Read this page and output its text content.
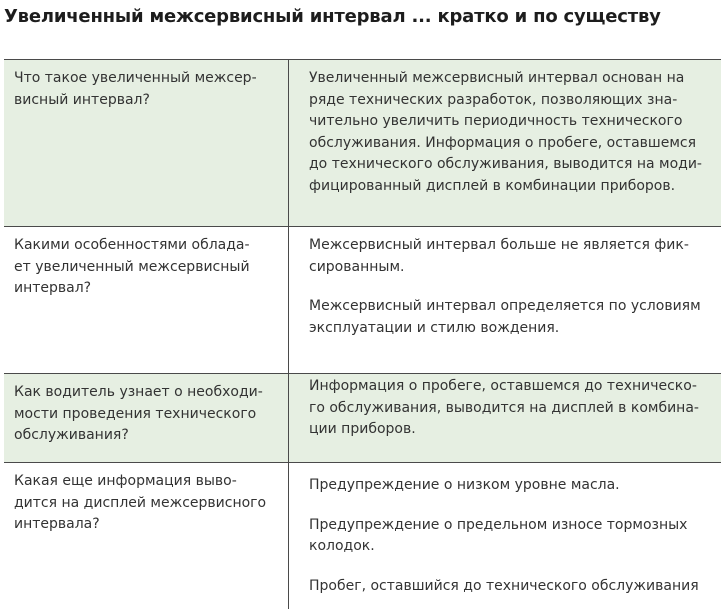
Увеличенный межсервисный интервал ... кратко и по существу
Что такое увеличенный межсер-
висный интервал?

Увеличенный межсервисный интервал основан на
ряде технических разработок, позволяющих зна-
чительно увеличить периодичность технического
обслуживания. Информация о пробеге, оставшемся
до технического обслуживания, выводится на моди-
фицированный дисплей в комбинации приборов.

Какими особенностями облада-
ет увеличенный межсервисный
интервал?

Межсервисный интервал больше не является фик-
сированным.

Межсервисный интервал определяется по условиям
эксплуатации и стилю вождения.

Как водитель узнает о необходи-
мости проведения технического
обслуживания?

Информация о пробеге, оставшемся до техническо-
го обслуживания, выводится на дисплей в комбина-
ции приборов.

Какая еще информация выво-
дится на дисплей межсервисного
интервала?

Предупреждение о низком уровне масла.

Предупреждение о предельном износе тормозных
колодок.

Пробег, оставшийся до технического обслуживания
